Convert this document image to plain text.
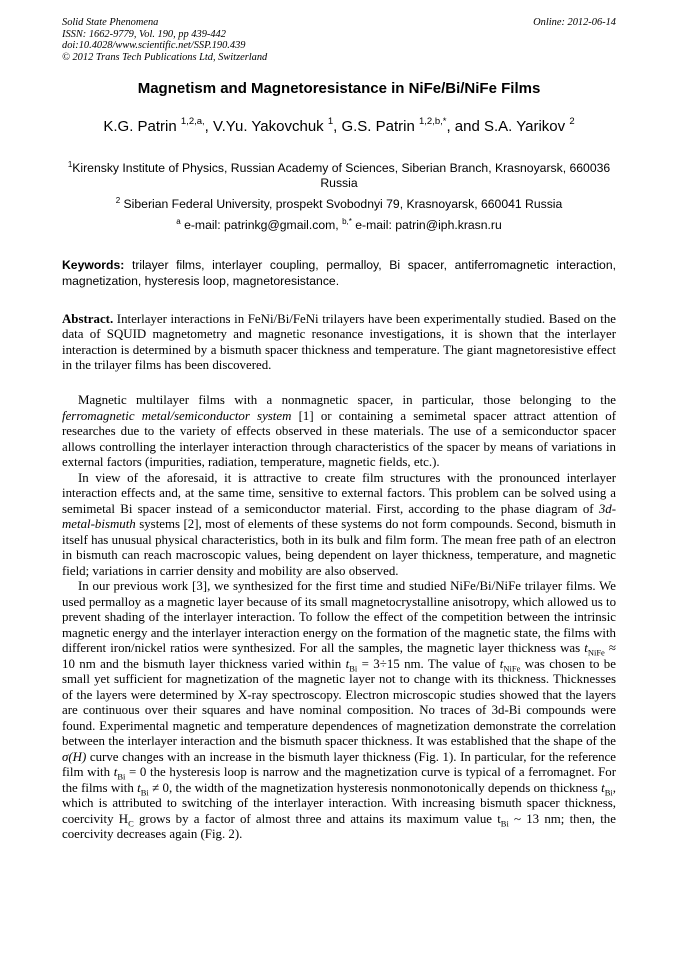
Solid State Phenomena
ISSN: 1662-9779, Vol. 190, pp 439-442
doi:10.4028/www.scientific.net/SSP.190.439
© 2012 Trans Tech Publications Ltd, Switzerland
Online: 2012-06-14
Magnetism and Magnetoresistance in NiFe/Bi/NiFe Films
K.G. Patrin $^{1,2,a,}$, V.Yu. Yakovchuk $^1$, G.S. Patrin $^{1,2,b,*}$, and S.A. Yarikov $^2$
$^1$Kirensky Institute of Physics, Russian Academy of Sciences, Siberian Branch, Krasnoyarsk, 660036 Russia
$^2$ Siberian Federal University, prospekt Svobodnyi 79, Krasnoyarsk, 660041 Russia
$^a$ e-mail: patrinkg@gmail.com, $^{b,*}$ e-mail: patrin@iph.krasn.ru
Keywords: trilayer films, interlayer coupling, permalloy, Bi spacer, antiferromagnetic interaction, magnetization, hysteresis loop, magnetoresistance.
Abstract. Interlayer interactions in FeNi/Bi/FeNi trilayers have been experimentally studied. Based on the data of SQUID magnetometry and magnetic resonance investigations, it is shown that the interlayer interaction is determined by a bismuth spacer thickness and temperature. The giant magnetoresistive effect in the trilayer films has been discovered.

Magnetic multilayer films with a nonmagnetic spacer, in particular, those belonging to the ferromagnetic metal/semiconductor system [1] or containing a semimetal spacer attract attention of researches due to the variety of effects observed in these materials. The use of a semiconductor spacer allows controlling the interlayer interaction through characteristics of the spacer by means of variations in external factors (impurities, radiation, temperature, magnetic fields, etc.).

In view of the aforesaid, it is attractive to create film structures with the pronounced interlayer interaction effects and, at the same time, sensitive to external factors. This problem can be solved using a semimetal Bi spacer instead of a semiconductor material. First, according to the phase diagram of 3d-metal-bismuth systems [2], most of elements of these systems do not form compounds. Second, bismuth in itself has unusual physical characteristics, both in its bulk and film form. The mean free path of an electron in bismuth can reach macroscopic values, being dependent on layer thickness, temperature, and magnetic field; variations in carrier density and mobility are also observed.

In our previous work [3], we synthesized for the first time and studied NiFe/Bi/NiFe trilayer films. We used permalloy as a magnetic layer because of its small magnetocrystalline anisotropy, which allowed us to prevent shading of the interlayer interaction. To follow the effect of the competition between the intrinsic magnetic energy and the interlayer interaction energy on the formation of the magnetic state, the films with different iron/nickel ratios were synthesized. For all the samples, the magnetic layer thickness was $t_{NiFe} \approx 10$ nm and the bismuth layer thickness varied within $t_{Bi} = 3\div 15$ nm. The value of $t_{NiFe}$ was chosen to be small yet sufficient for magnetization of the magnetic layer not to change with its thickness. Thicknesses of the layers were determined by X-ray spectroscopy. Electron microscopic studies showed that the layers are continuous over their squares and have nominal composition. No traces of 3d-Bi compounds were found. Experimental magnetic and temperature dependences of magnetization demonstrate the correlation between the interlayer interaction and the bismuth spacer thickness. It was established that the shape of the σ(H) curve changes with an increase in the bismuth layer thickness (Fig. 1). In particular, for the reference film with $t_{Bi} = 0$ the hysteresis loop is narrow and the magnetization curve is typical of a ferromagnet. For the films with $t_{Bi} \ne 0$, the width of the magnetization hysteresis nonmonotonically depends on thickness $t_{Bi}$, which is attributed to switching of the interlayer interaction. With increasing bismuth spacer thickness, coercivity $H_C$ grows by a factor of almost three and attains its maximum value $t_{Bi}$ ~ 13 nm; then, the coercivity decreases again (Fig. 2).
